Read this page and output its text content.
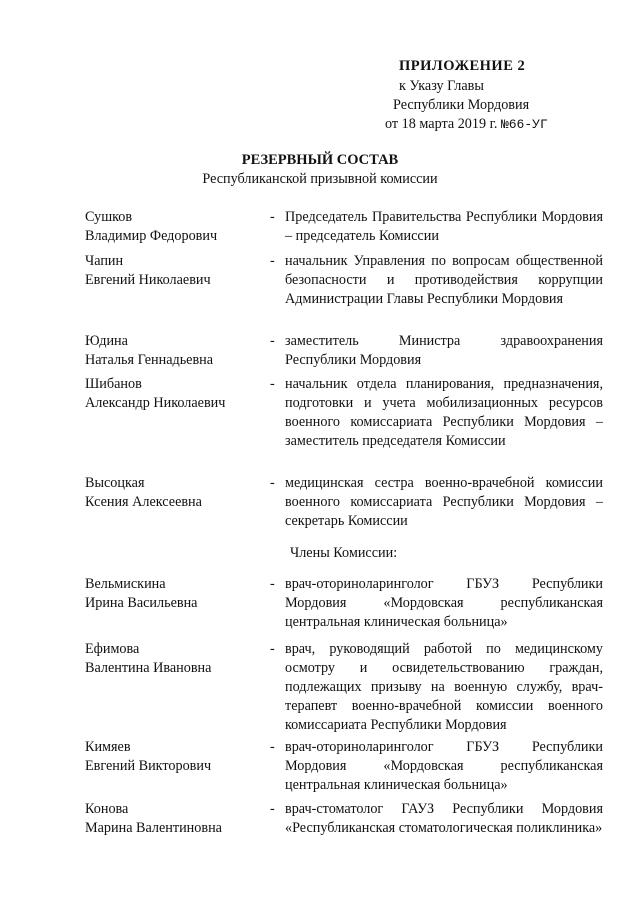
ПРИЛОЖЕНИЕ 2
к Указу Главы
Республики Мордовия
от 18 марта 2019 г. №66-УГ
РЕЗЕРВНЫЙ СОСТАВ
Республиканской призывной комиссии
Сушков
Владимир Федорович
- Председатель Правительства Республики Мордовия – председатель Комиссии
Чапин
Евгений Николаевич
- начальник Управления по вопросам общественной безопасности и противодействия коррупции Администрации Главы Республики Мордовия
Юдина
Наталья Геннадьевна
- заместитель Министра здравоохранения Республики Мордовия
Шибанов
Александр Николаевич
- начальник отдела планирования, предназначения, подготовки и учета мобилизационных ресурсов военного комиссариата Республики Мордовия – заместитель председателя Комиссии
Высоцкая
Ксения Алексеевна
- медицинская сестра военно-врачебной комиссии военного комиссариата Республики Мордовия – секретарь Комиссии
Члены Комиссии:
Вельмискина
Ирина Васильевна
- врач-оториноларинголог ГБУЗ Республики Мордовия «Мордовская республиканская центральная клиническая больница»
Ефимова
Валентина Ивановна
- врач, руководящий работой по медицинскому осмотру и освидетельствованию граждан, подлежащих призыву на военную службу, врач-терапевт военно-врачебной комиссии военного комиссариата Республики Мордовия
Кимяев
Евгений Викторович
- врач-оториноларинголог ГБУЗ Республики Мордовия «Мордовская республиканская центральная клиническая больница»
Конова
Марина Валентиновна
- врач-стоматолог ГАУЗ Республики Мордовия «Республиканская стоматологическая поликлиника»
